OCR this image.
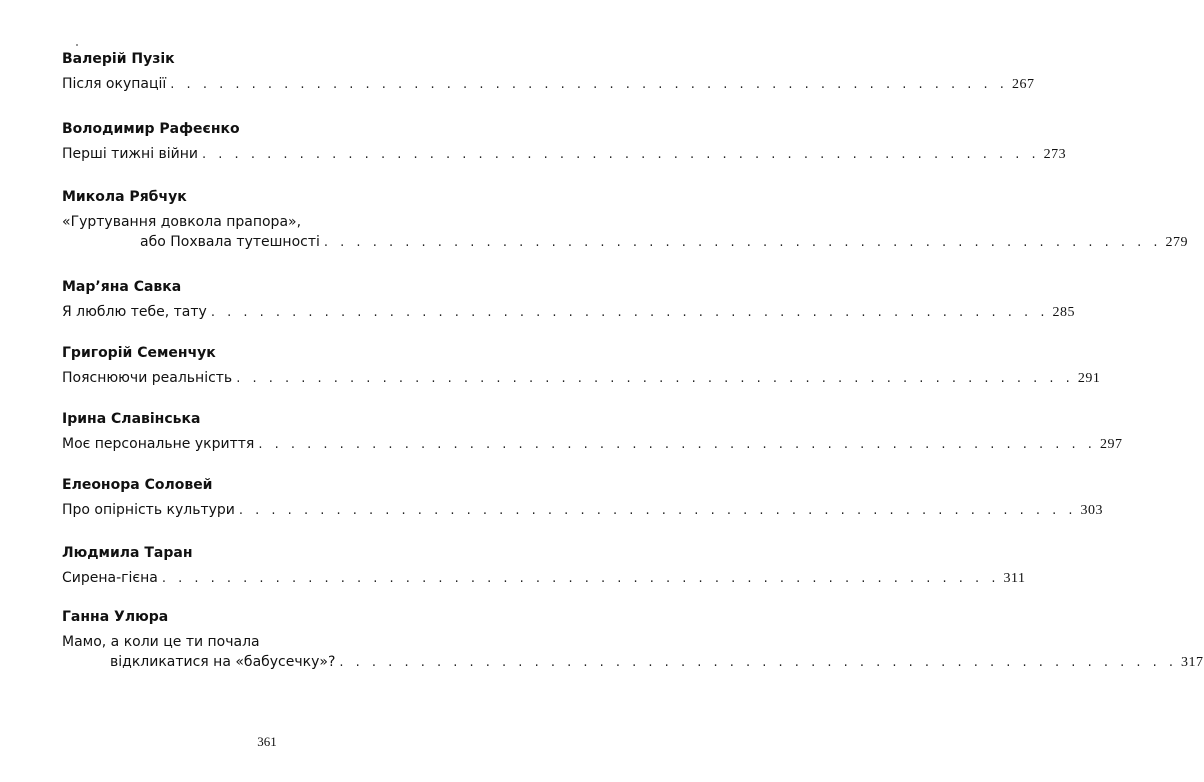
Валерій Пузік
Після окупації . . . . . . . . . . . . . . . . . . . . . . . . . . . . . . . . . . . . . . . . . . . . . . . . . . . . 267
Володимир Рафеєнко
Перші тижні війни . . . . . . . . . . . . . . . . . . . . . . . . . . . . . . . . . . . . . . . . . . . . . . . . . . . . 273
Микола Рябчук
«Гуртування довкола прапора»,
або Похвала тутешності . . . . . . . . . . . . . . . . . . . . . . . . . . . . . . . . . . . . . . . . . . . . . . . . . . . . 279
Мар’яна Савка
Я люблю тебе, тату . . . . . . . . . . . . . . . . . . . . . . . . . . . . . . . . . . . . . . . . . . . . . . . . . . . . 285
Григорій Семенчук
Пояснюючи реальність . . . . . . . . . . . . . . . . . . . . . . . . . . . . . . . . . . . . . . . . . . . . . . . . . . . . 291
Ірина Славінська
Моє персональне укриття . . . . . . . . . . . . . . . . . . . . . . . . . . . . . . . . . . . . . . . . . . . . . . . . . . . . 297
Елеонора Соловей
Про опірність культури . . . . . . . . . . . . . . . . . . . . . . . . . . . . . . . . . . . . . . . . . . . . . . . . . . . . 303
Людмила Таран
Сирена-гієна . . . . . . . . . . . . . . . . . . . . . . . . . . . . . . . . . . . . . . . . . . . . . . . . . . . . 311
Ганна Улюра
Мамо, а коли це ти почала
відкликатися на «бабусечку»? . . . . . . . . . . . . . . . . . . . . . . . . . . . . . . . . . . . . . . . . . . . . . . . . . . . . 317
361
